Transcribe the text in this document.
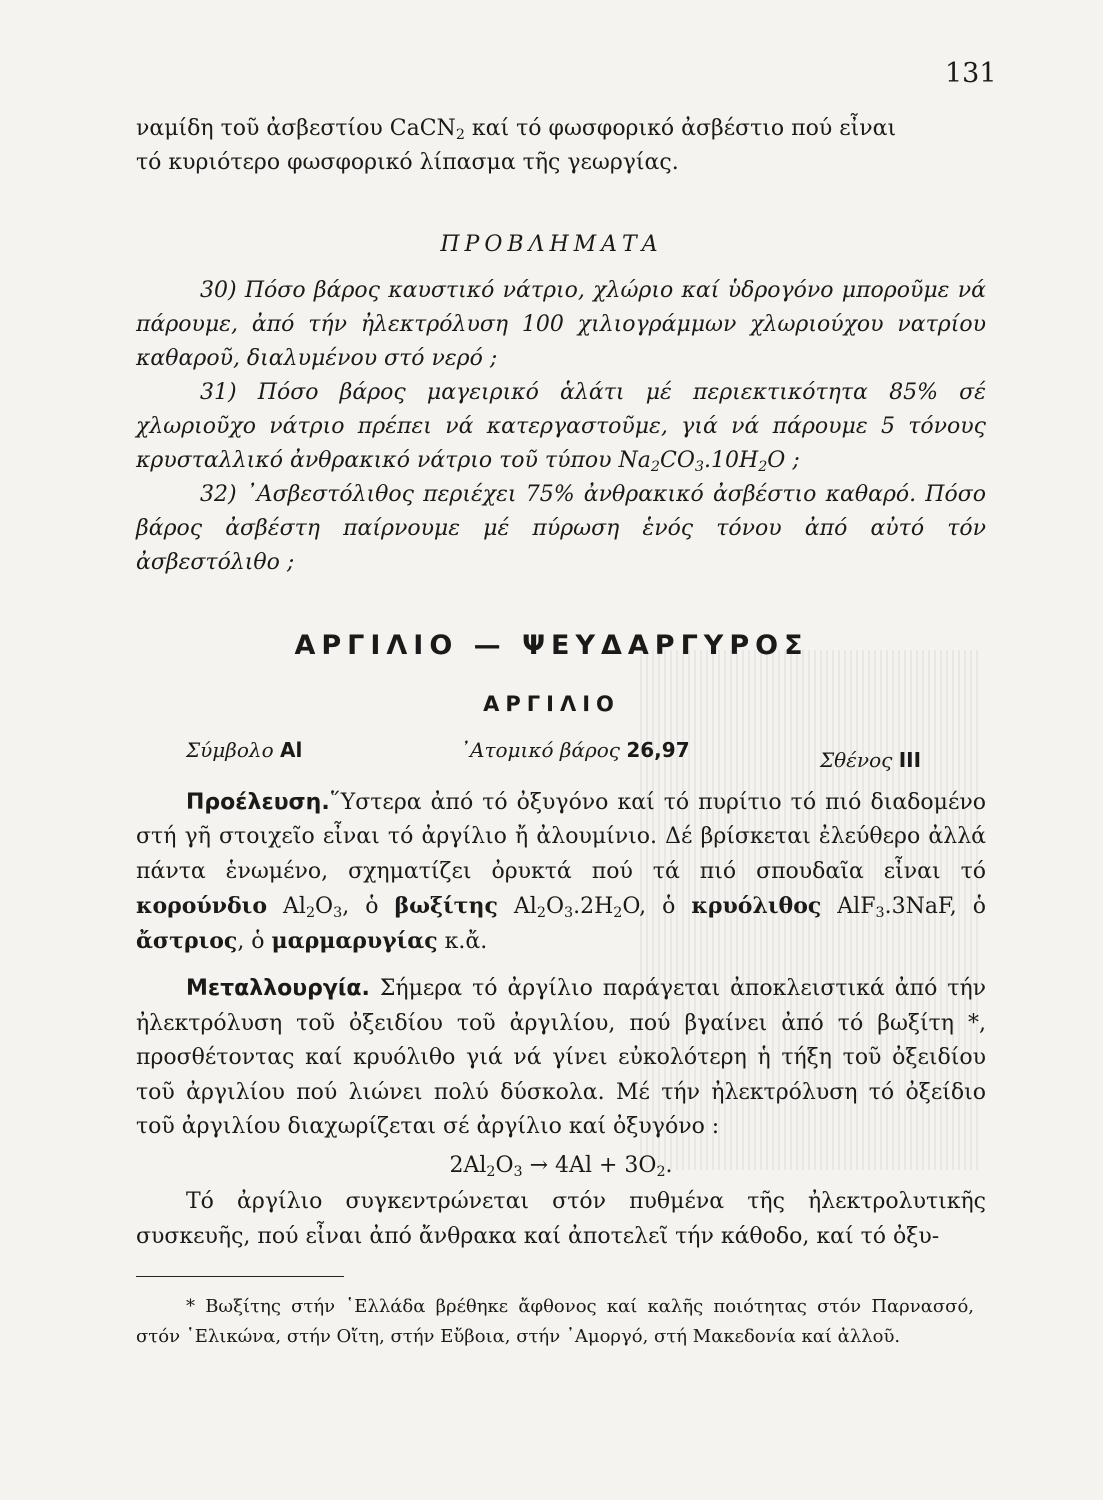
131

ναμίδη τοῦ ἀσβεστίου CaCN$_2$ καί τό φωσφορικό ἀσβέστιο πού εἶναι

τό κυριότερο φωσφορικό λίπασμα τῆς γεωργίας.

ΠΡΟΒΛΗΜΑΤΑ

30) Πόσο βάρος καυστικό νάτριο, χλώριο καί ὑδρογόνο μποροῦμε νά πάρουμε, ἀπό τήν ἠλεκτρόλυση 100 χιλιογράμμων χλωριούχου νατρίου καθαροῦ, διαλυμένου στό νερό ;

31) Πόσο βάρος μαγειρικό ἁλάτι μέ περιεκτικότητα 85% σέ χλωριοῦχο νάτριο πρέπει νά κατεργαστοῦμε, γιά νά πάρουμε 5 τόνους κρυσταλλικό ἀνθρακικό νάτριο τοῦ τύπου $Na_2CO_3.10H_2O$ ;

32) ᾿Ασβεστόλιθος περιέχει 75% ἀνθρακικό ἀσβέστιο καθαρό. Πόσο βάρος ἀσβέστη παίρνουμε μέ πύρωση ἑνός τόνου ἀπό αὐτό τόν ἀσβεστόλιθο ;

ΑΡΓΙΛΙΟ — ΨΕΥΔΑΡΓΥΡΟΣ
ΑΡΓΙΛΙΟ
Σύμβολο Al	᾿Ατομικό βάρος 26,97	Σθένος III

Προέλευση.῞Υστερα ἀπό τό ὀξυγόνο καί τό πυρίτιο τό πιό διαδομένο στή γῆ στοιχεῖο εἶναι τό ἀργίλιο ἤ ἀλουμίνιο. Δέ βρίσκεται ἐλεύθερο ἀλλά πάντα ἑνωμένο, σχηματίζει ὀρυκτά πού τά πιό σπουδαῖα εἶναι τό κορούνδιο $Al_2O_3$, ὁ βωξίτης $Al_2O_3.2H_2O$, ὁ κρυόλιθος AlF$_3$.3NaF, ὁ ἄστριος, ὁ μαρμαρυγίας κ.ἄ.

Μεταλλουργία. Σήμερα τό ἀργίλιο παράγεται ἀποκλειστικά ἀπό τήν ἠλεκτρόλυση τοῦ ὀξειδίου τοῦ ἀργιλίου, πού βγαίνει ἀπό τό βωξίτη *, προσθέτοντας καί κρυόλιθο γιά νά γίνει εὐκολότερη ἡ τήξη τοῦ ὀξειδίου τοῦ ἀργιλίου πού λιώνει πολύ δύσκολα. Μέ τήν ἠλεκτρόλυση τό ὀξείδιο τοῦ ἀργιλίου διαχωρίζεται σέ ἀργίλιο καί ὀξυγόνο :

$2Al_2O_3 \to 4Al + 3O_2$.

Τό ἀργίλιο συγκεντρώνεται στόν πυθμένα τῆς ἠλεκτρολυτικῆς συσκευῆς, πού εἶναι ἀπό ἄνθρακα καί ἀποτελεῖ τήν κάθοδο, καί τό ὀξυ-

* Βωξίτης στήν ῾Ελλάδα βρέθηκε ἄφθονος καί καλῆς ποιότητας στόν Παρνασσό, στόν ῾Ελικώνα, στήν Οἴτη, στήν Εὔβοια, στήν ᾿Αμοργό, στή Μακεδονία καί ἀλλοῦ.
